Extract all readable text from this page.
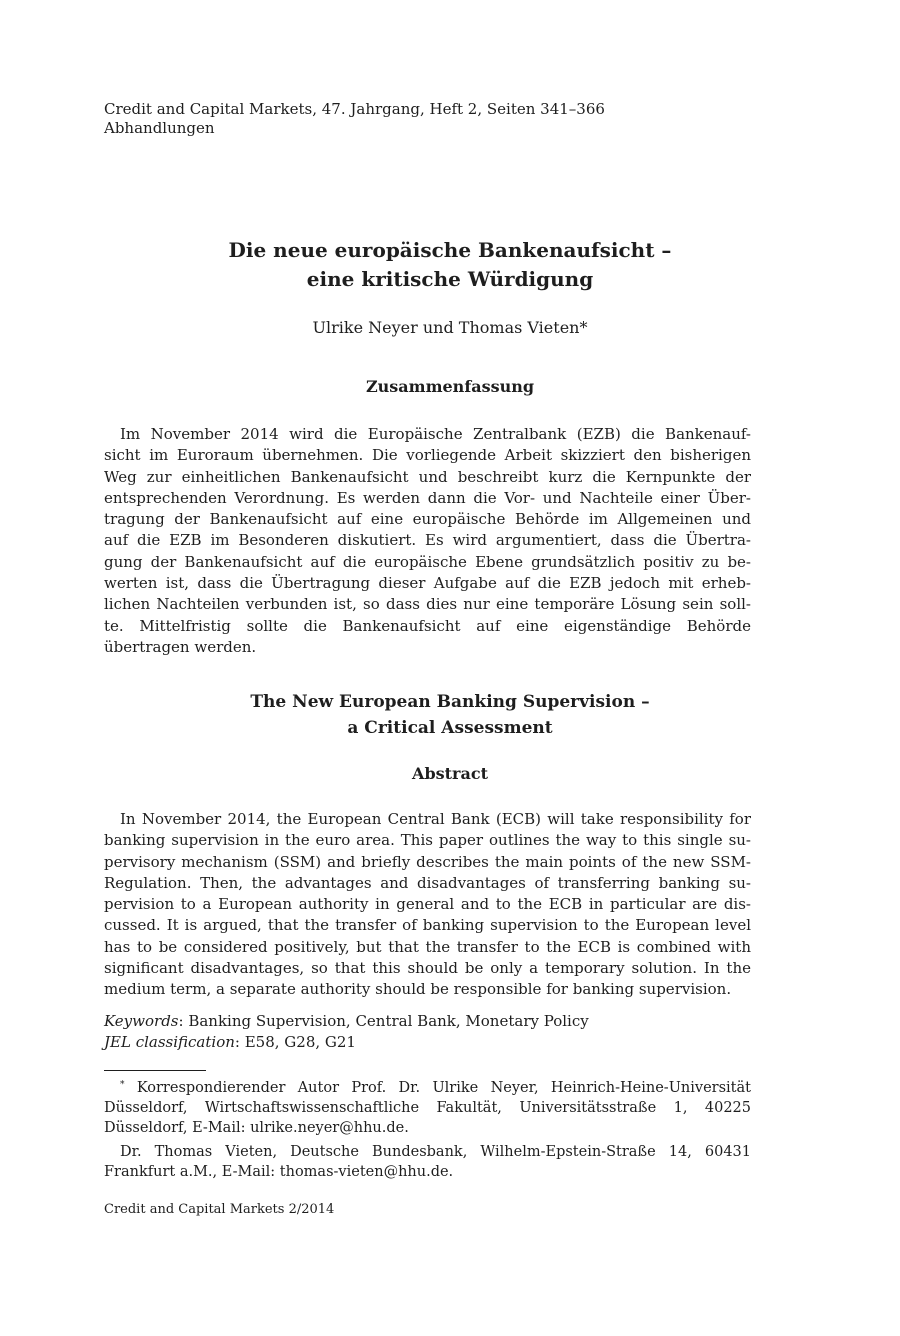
Credit and Capital Markets, 47. Jahrgang, Heft 2, Seiten 341–366
Abhandlungen
Die neue europäische Bankenaufsicht –
eine kritische Würdigung
Ulrike Neyer und Thomas Vieten*
Zusammenfassung
Im November 2014 wird die Europäische Zentralbank (EZB) die Bankenauf-
sicht im Euroraum übernehmen. Die vorliegende Arbeit skizziert den bisherigen
Weg zur einheitlichen Bankenaufsicht und beschreibt kurz die Kernpunkte der
entsprechenden Verordnung. Es werden dann die Vor- und Nachteile einer Über-
tragung der Bankenaufsicht auf eine europäische Behörde im Allgemeinen und
auf die EZB im Besonderen diskutiert. Es wird argumentiert, dass die Übertra-
gung der Bankenaufsicht auf die europäische Ebene grundsätzlich positiv zu be-
werten ist, dass die Übertragung dieser Aufgabe auf die EZB jedoch mit erheb-
lichen Nachteilen verbunden ist, so dass dies nur eine temporäre Lösung sein soll-
te. Mittelfristig sollte die Bankenaufsicht auf eine eigenständige Behörde
übertragen werden.
The New European Banking Supervision –
a Critical Assessment
Abstract
In November 2014, the European Central Bank (ECB) will take responsibility for
banking supervision in the euro area. This paper outlines the way to this single su-
pervisory mechanism (SSM) and briefly describes the main points of the new SSM-
Regulation. Then, the advantages and disadvantages of transferring banking su-
pervision to a European authority in general and to the ECB in particular are dis-
cussed. It is argued, that the transfer of banking supervision to the European level
has to be considered positively, but that the transfer to the ECB is combined with
significant disadvantages, so that this should be only a temporary solution. In the
medium term, a separate authority should be responsible for banking supervision.
Keywords: Banking Supervision, Central Bank, Monetary Policy
JEL classification: E58, G28, G21
* Korrespondierender Autor Prof. Dr. Ulrike Neyer, Heinrich-Heine-Universität
Düsseldorf, Wirtschaftswissenschaftliche Fakultät, Universitätsstraße 1, 40225
Düsseldorf, E-Mail: ulrike.neyer@hhu.de.
Dr. Thomas Vieten, Deutsche Bundesbank, Wilhelm-Epstein-Straße 14, 60431
Frankfurt a.M., E-Mail: thomas-vieten@hhu.de.
Credit and Capital Markets 2/2014
